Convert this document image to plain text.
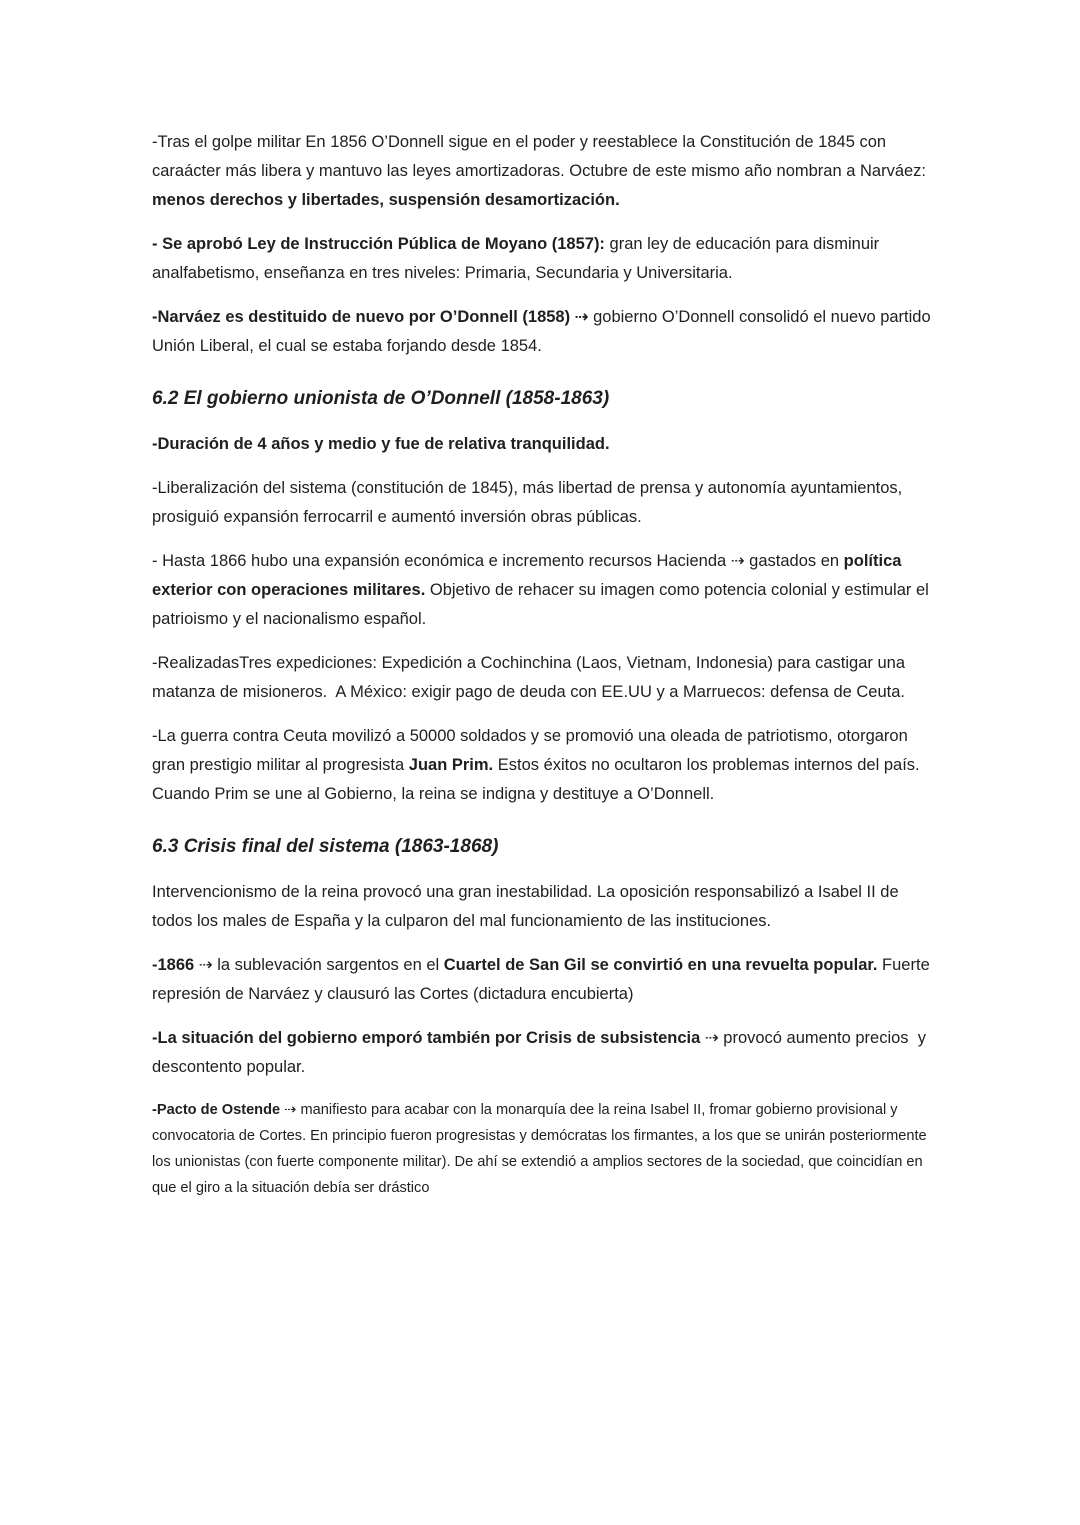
-Tras el golpe militar En 1856 O’Donnell sigue en el poder y reestablece la Constitución de 1845 con caraácter más libera y mantuvo las leyes amortizadoras. Octubre de este mismo año nombran a Narváez: menos derechos y libertades, suspensión desamortización.

- Se aprobó Ley de Instrucción Pública de Moyano (1857): gran ley de educación para disminuir analfabetismo, enseñanza en tres niveles: Primaria, Secundaria y Universitaria.

-Narváez es destituido de nuevo por O’Donnell (1858) ⇢ gobierno O’Donnell consolidó el nuevo partido Unión Liberal, el cual se estaba forjando desde 1854.

6.2 El gobierno unionista de O’Donnell (1858-1863)

-Duración de 4 años y medio y fue de relativa tranquilidad.

-Liberalización del sistema (constitución de 1845), más libertad de prensa y autonomía ayuntamientos, prosiguió expansión ferrocarril e aumentó inversión obras públicas.

- Hasta 1866 hubo una expansión económica e incremento recursos Hacienda ⇢ gastados en política exterior con operaciones militares. Objetivo de rehacer su imagen como potencia colonial y estimular el patrioismo y el nacionalismo español.

-RealizadasTres expediciones: Expedición a Cochinchina (Laos, Vietnam, Indonesia) para castigar una matanza de misioneros.  A México: exigir pago de deuda con EE.UU y a Marruecos: defensa de Ceuta.

-La guerra contra Ceuta movilizó a 50000 soldados y se promovió una oleada de patriotismo, otorgaron gran prestigio militar al progresista Juan Prim. Estos éxitos no ocultaron los problemas internos del país. Cuando Prim se une al Gobierno, la reina se indigna y destituye a O’Donnell.

6.3 Crisis final del sistema (1863-1868)

Intervencionismo de la reina provocó una gran inestabilidad. La oposición responsabilizó a Isabel II de todos los males de España y la culparon del mal funcionamiento de las instituciones.

-1866 ⇢ la sublevación sargentos en el Cuartel de San Gil se convirtió en una revuelta popular. Fuerte represión de Narváez y clausuró las Cortes (dictadura encubierta)

-La situación del gobierno emporó también por Crisis de subsistencia ⇢ provocó aumento precios  y  descontento popular.

-Pacto de Ostende ⇢ manifiesto para acabar con la monarquía dee la reina Isabel II, fromar gobierno provisional y convocatoria de Cortes. En principio fueron progresistas y demócratas los firmantes, a los que se unirán posteriormente los unionistas (con fuerte componente militar). De ahí se extendió a amplios sectores de la sociedad, que coincidían en que el giro a la situación debía ser drástico
